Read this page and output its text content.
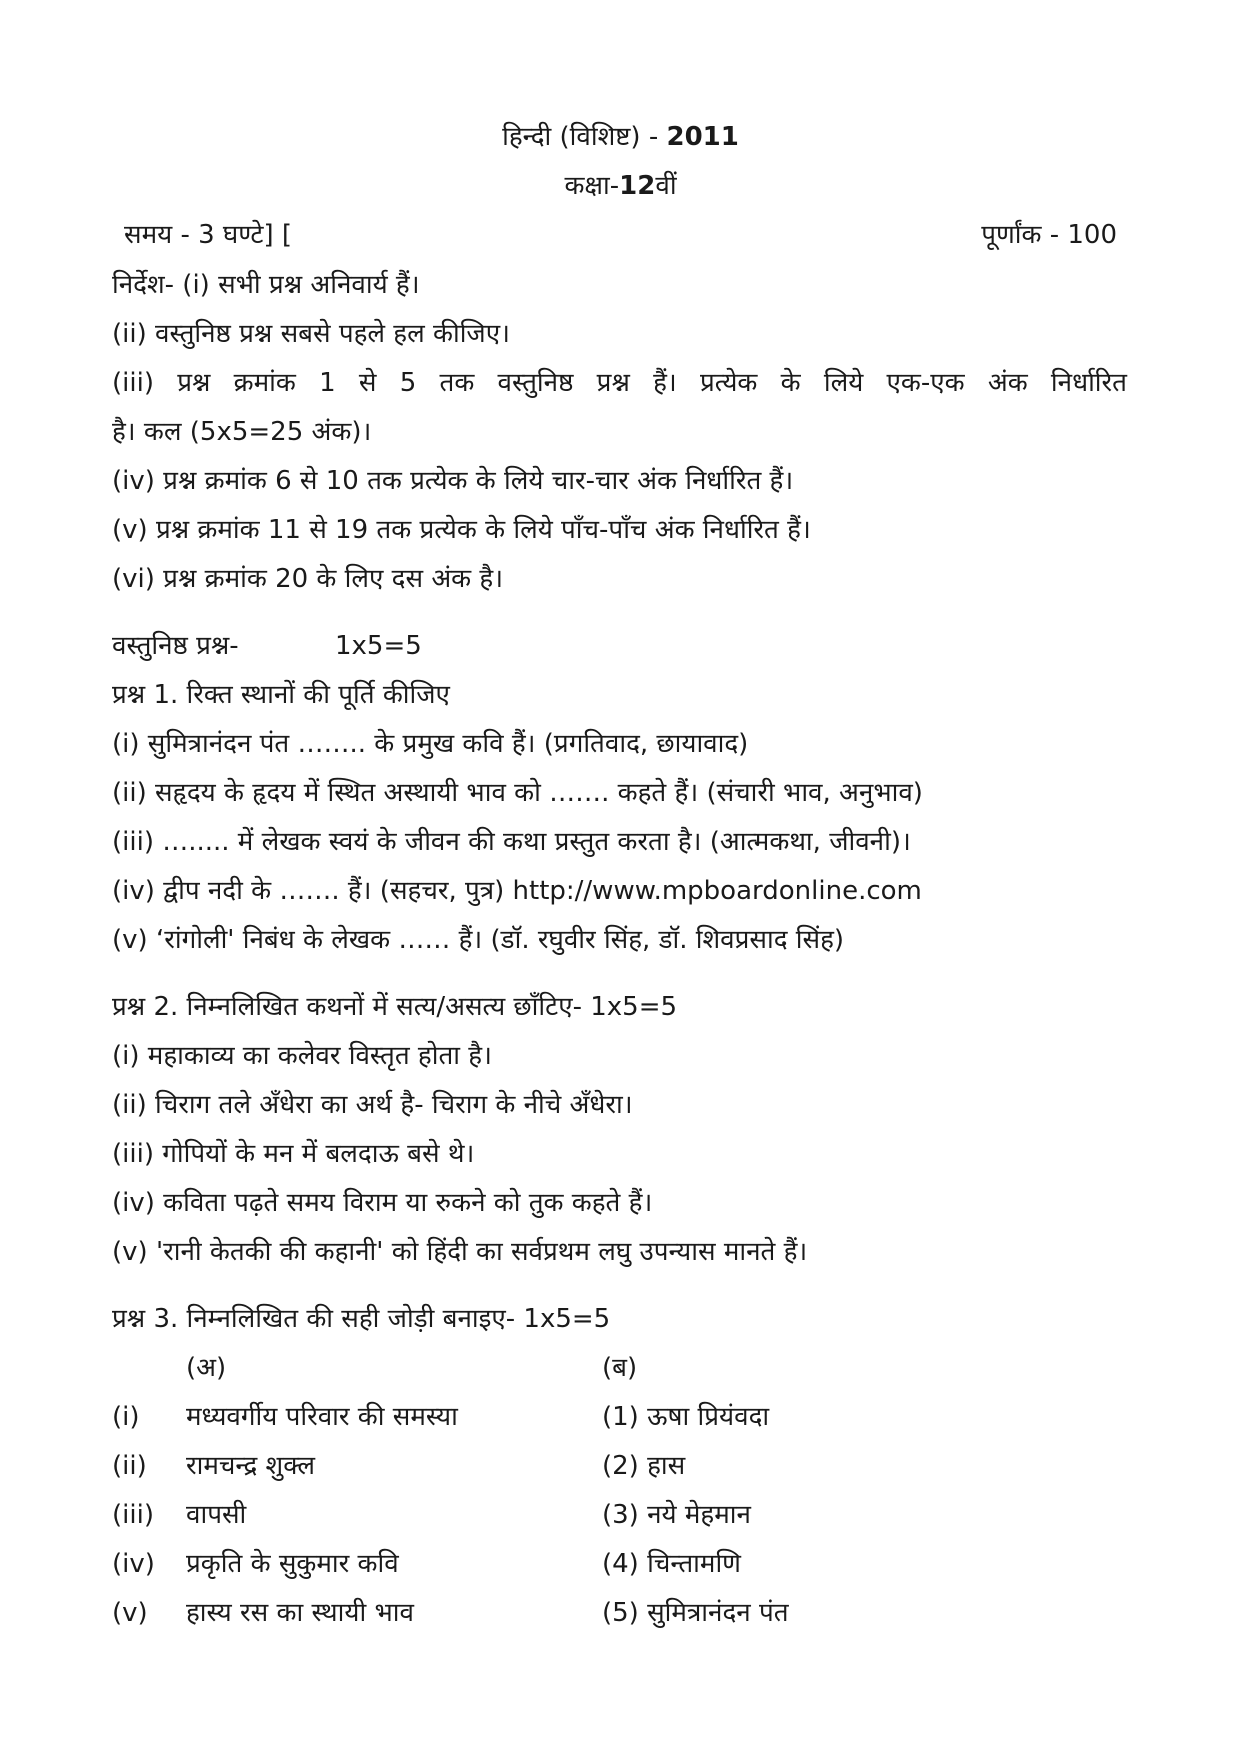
हिन्दी (विशिष्ट) - 2011
कक्षा-12वीं
समय - 3 घण्टे] [	पूर्णांक - 100
निर्देश- (i) सभी प्रश्न अनिवार्य हैं।
(ii) वस्तुनिष्ठ प्रश्न सबसे पहले हल कीजिए।
(iii) प्रश्न क्रमांक 1 से 5 तक वस्तुनिष्ठ प्रश्न हैं। प्रत्येक के लिये एक-एक अंक निर्धारित
है। कल (5x5=25 अंक)।
(iv) प्रश्न क्रमांक 6 से 10 तक प्रत्येक के लिये चार-चार अंक निर्धारित हैं।
(v) प्रश्न क्रमांक 11 से 19 तक प्रत्येक के लिये पाँच-पाँच अंक निर्धारित हैं।
(vi) प्रश्न क्रमांक 20 के लिए दस अंक है।
वस्तुनिष्ठ प्रश्न-	1x5=5
प्रश्न 1. रिक्त स्थानों की पूर्ति कीजिए
(i) सुमित्रानंदन पंत …….. के प्रमुख कवि हैं। (प्रगतिवाद, छायावाद)
(ii) सहृदय के हृदय में स्थित अस्थायी भाव को ……. कहते हैं। (संचारी भाव, अनुभाव)
(iii) …..... में लेखक स्वयं के जीवन की कथा प्रस्तुत करता है। (आत्मकथा, जीवनी)।
(iv) द्वीप नदी के ……. हैं। (सहचर, पुत्र) http://www.mpboardonline.com
(v) ‘रांगोली' निबंध के लेखक …… हैं। (डॉ. रघुवीर सिंह, डॉ. शिवप्रसाद सिंह)
प्रश्न 2. निम्नलिखित कथनों में सत्य/असत्य छाँटिए- 1x5=5
(i) महाकाव्य का कलेवर विस्तृत होता है।
(ii) चिराग तले अँधेरा का अर्थ है- चिराग के नीचे अँधेरा।
(iii) गोपियों के मन में बलदाऊ बसे थे।
(iv) कविता पढ़ते समय विराम या रुकने को तुक कहते हैं।
(v) 'रानी केतकी की कहानी' को हिंदी का सर्वप्रथम लघु उपन्यास मानते हैं।
प्रश्न 3. निम्नलिखित की सही जोड़ी बनाइए- 1x5=5
(अ)	(ब)
(i) मध्यवर्गीय परिवार की समस्या	(1) ऊषा प्रियंवदा
(ii) रामचन्द्र शुक्ल	(2) हास
(iii) वापसी	(3) नये मेहमान
(iv) प्रकृति के सुकुमार कवि	(4) चिन्तामणि
(v) हास्य रस का स्थायी भाव	(5) सुमित्रानंदन पंत
